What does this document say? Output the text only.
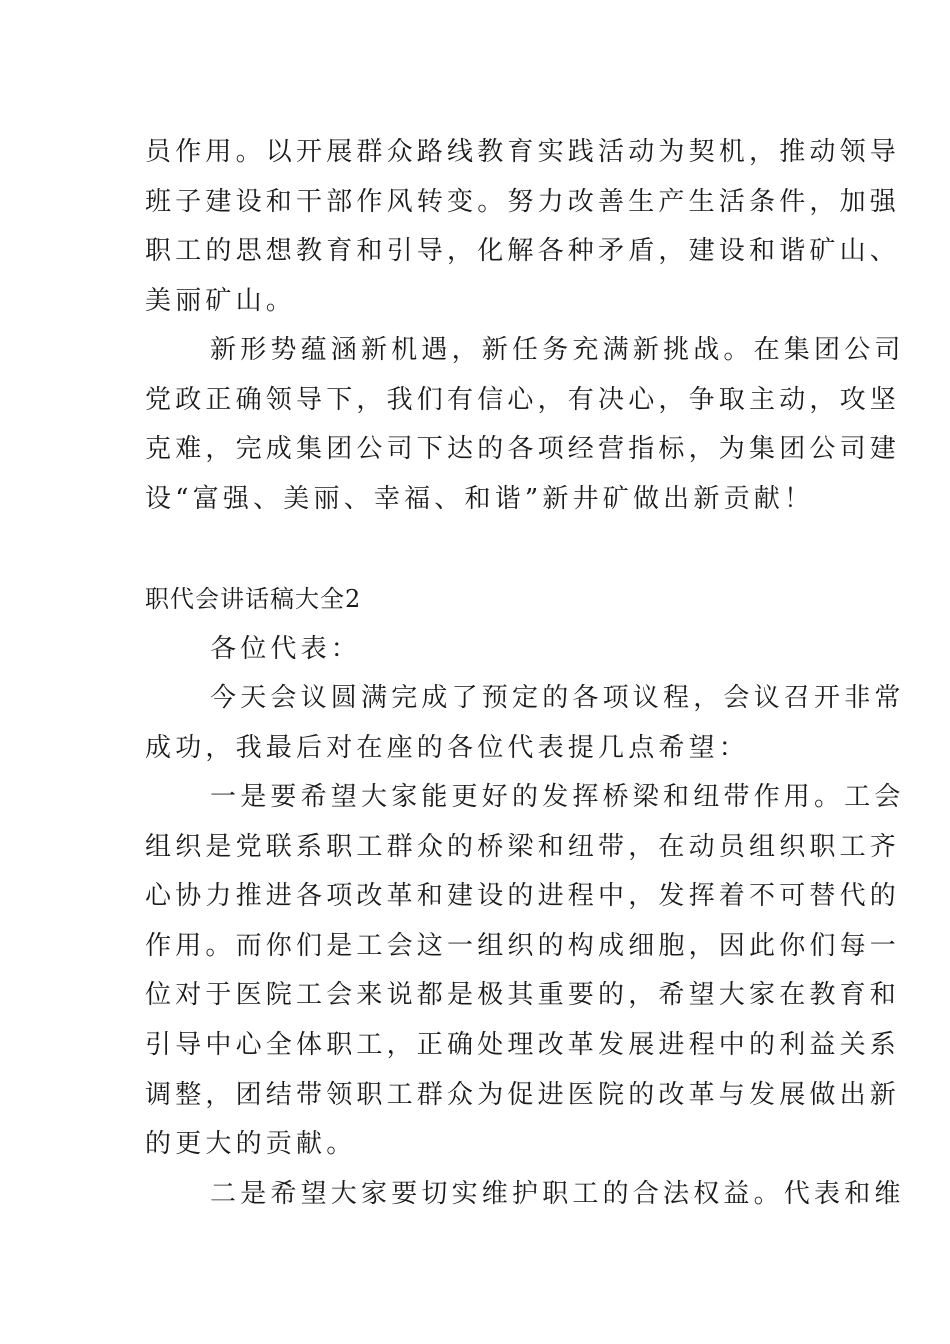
员作用。以开展群众路线教育实践活动为契机，推动领导
班子建设和干部作风转变。努力改善生产生活条件，加强
职工的思想教育和引导，化解各种矛盾，建设和谐矿山、
美丽矿山。
新形势蕴涵新机遇，新任务充满新挑战。在集团公司
党政正确领导下，我们有信心，有决心，争取主动，攻坚
克难，完成集团公司下达的各项经营指标，为集团公司建
设“富强、美丽、幸福、和谐”新井矿做出新贡献！
职代会讲话稿大全2
各位代表：
今天会议圆满完成了预定的各项议程，会议召开非常
成功，我最后对在座的各位代表提几点希望：
一是要希望大家能更好的发挥桥梁和纽带作用。工会
组织是党联系职工群众的桥梁和纽带，在动员组织职工齐
心协力推进各项改革和建设的进程中，发挥着不可替代的
作用。而你们是工会这一组织的构成细胞，因此你们每一
位对于医院工会来说都是极其重要的，希望大家在教育和
引导中心全体职工，正确处理改革发展进程中的利益关系
调整，团结带领职工群众为促进医院的改革与发展做出新
的更大的贡献。
二是希望大家要切实维护职工的合法权益。代表和维
